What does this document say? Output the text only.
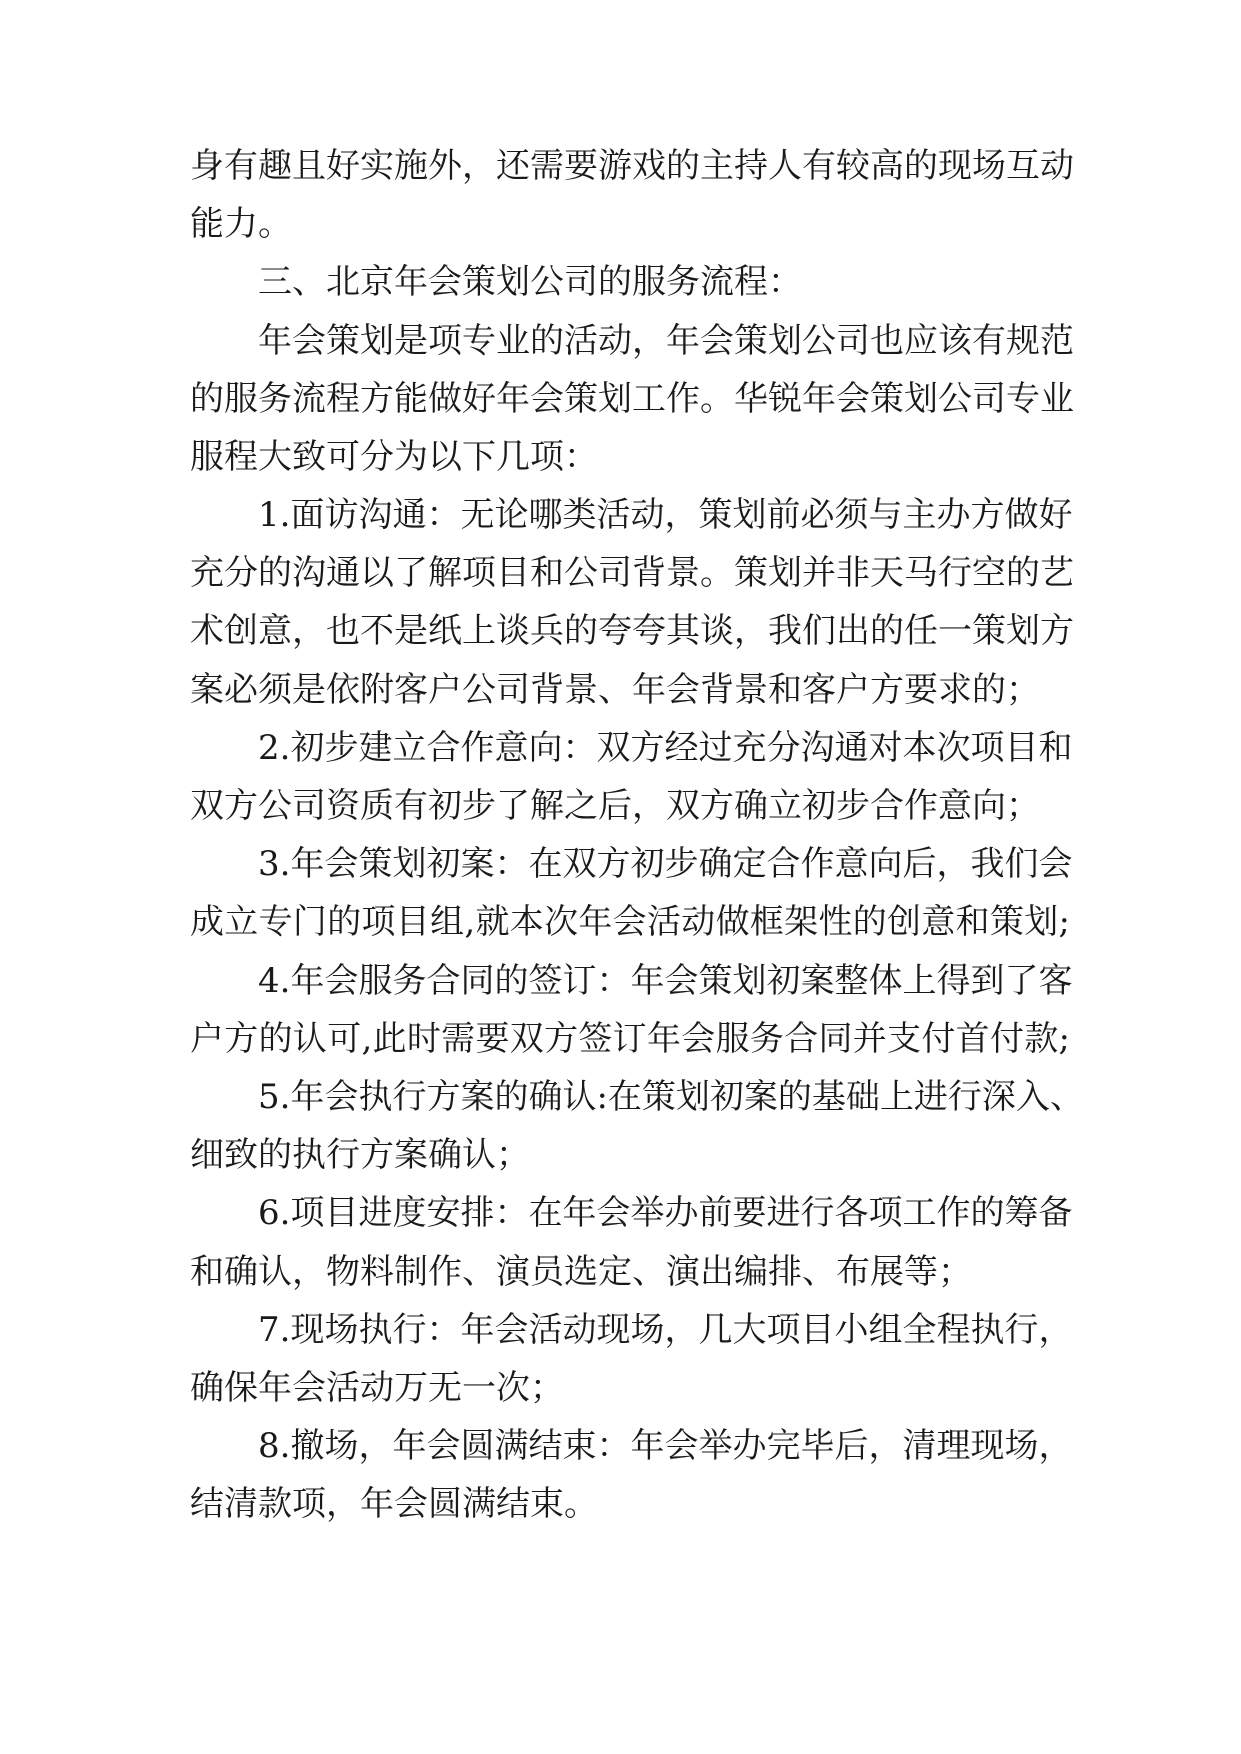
身有趣且好实施外，还需要游戏的主持人有较高的现场互动
能力。
三、北京年会策划公司的服务流程：
年会策划是项专业的活动，年会策划公司也应该有规范
的服务流程方能做好年会策划工作。华锐年会策划公司专业
服程大致可分为以下几项：
1.面访沟通：无论哪类活动，策划前必须与主办方做好
充分的沟通以了解项目和公司背景。策划并非天马行空的艺
术创意，也不是纸上谈兵的夸夸其谈，我们出的任一策划方
案必须是依附客户公司背景、年会背景和客户方要求的；
2.初步建立合作意向：双方经过充分沟通对本次项目和
双方公司资质有初步了解之后，双方确立初步合作意向；
3.年会策划初案：在双方初步确定合作意向后，我们会
成立专门的项目组,就本次年会活动做框架性的创意和策划;
4.年会服务合同的签订：年会策划初案整体上得到了客
户方的认可,此时需要双方签订年会服务合同并支付首付款;
5.年会执行方案的确认:在策划初案的基础上进行深入、
细致的执行方案确认；
6.项目进度安排：在年会举办前要进行各项工作的筹备
和确认，物料制作、演员选定、演出编排、布展等；
7.现场执行：年会活动现场，几大项目小组全程执行，
确保年会活动万无一次；
8.撤场，年会圆满结束：年会举办完毕后，清理现场，
结清款项，年会圆满结束。
